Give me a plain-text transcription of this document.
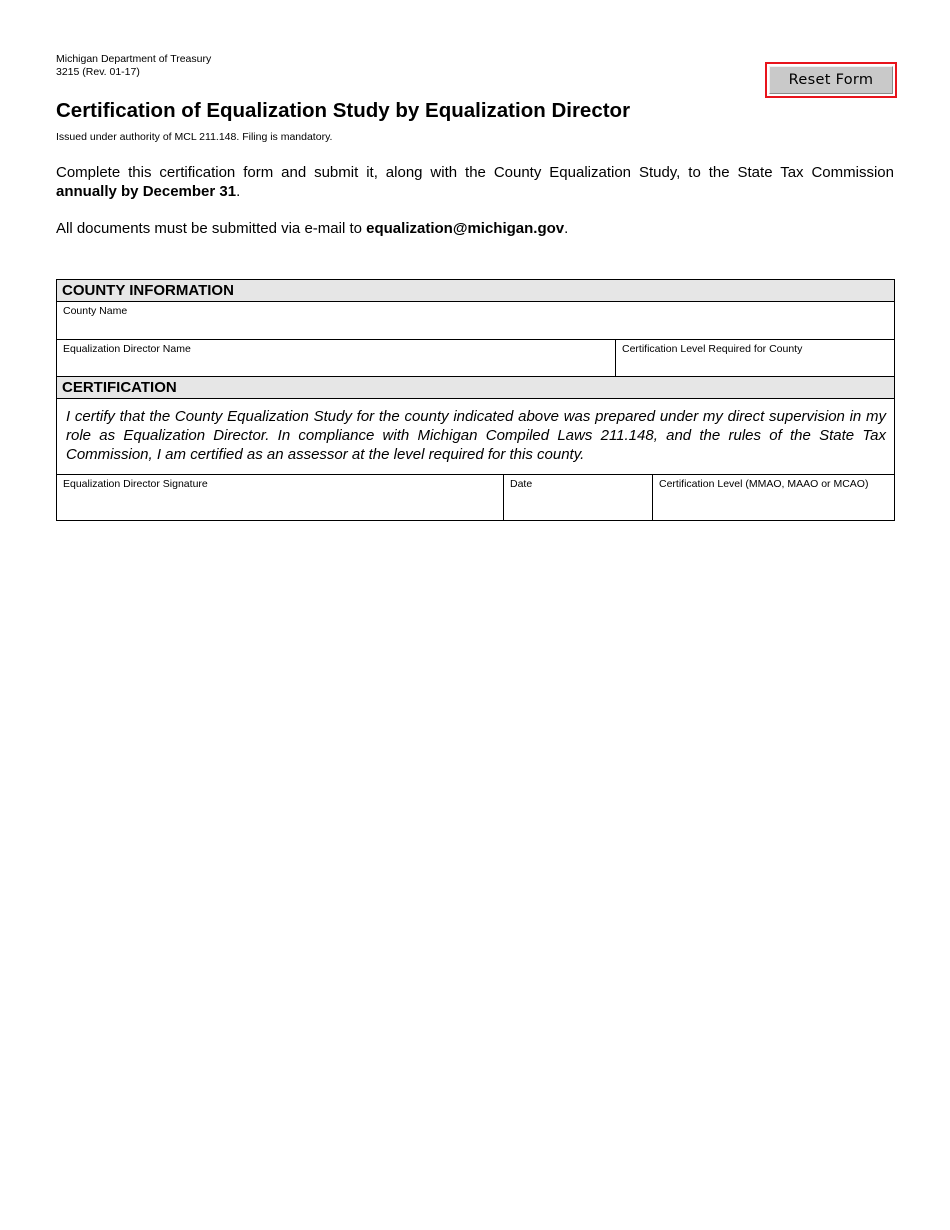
Michigan Department of Treasury
3215 (Rev. 01-17)	Reset Form
Certification of Equalization Study by Equalization Director
Issued under authority of MCL 211.148. Filing is mandatory.

Complete this certification form and submit it, along with the County Equalization Study, to the State Tax Commission annually by December 31.

All documents must be submitted via e-mail to equalization@michigan.gov.

COUNTY INFORMATION
County Name
Equalization Director Name	Certification Level Required for County
CERTIFICATION
I certify that the County Equalization Study for the county indicated above was prepared under my direct supervision in my role as Equalization Director. In compliance with Michigan Compiled Laws 211.148, and the rules of the State Tax Commission, I am certified as an assessor at the level required for this county.
Equalization Director Signature	Date	Certification Level (MMAO, MAAO or MCAO)
